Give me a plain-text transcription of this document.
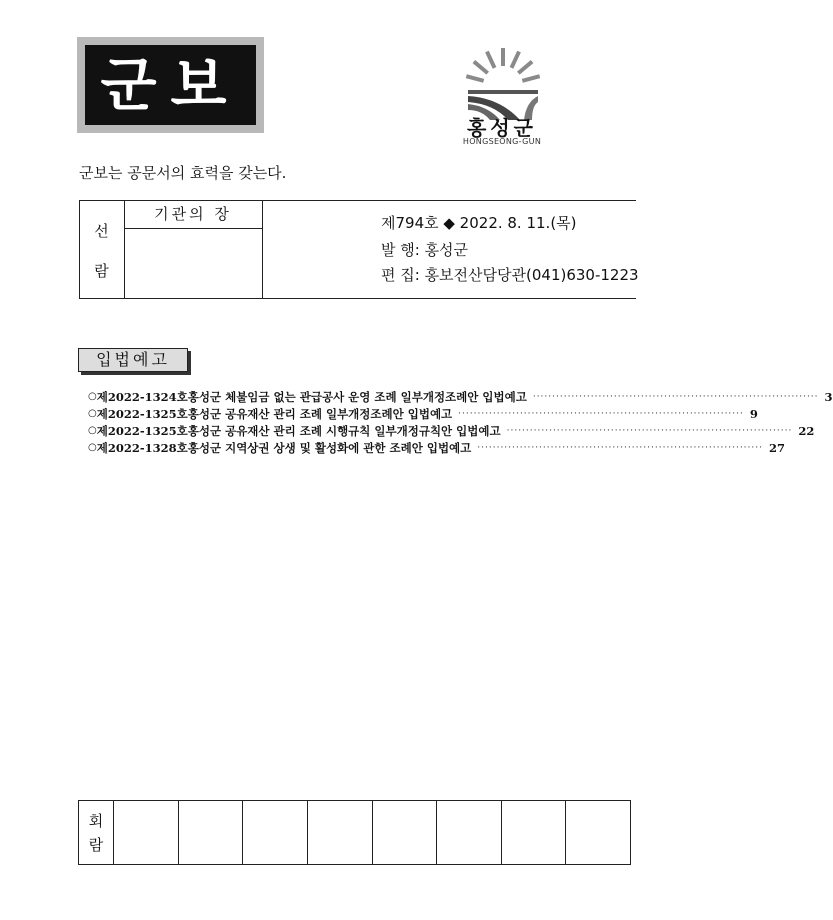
군보
홍성군
HONGSEONG-GUN
군보는 공문서의 효력을 갖는다.
선
람
기관의 장	제794호 ◆ 2022. 8. 11.(목)
발 행: 홍성군
편 집: 홍보전산담당관(041)630-1223
입법예고
○ 제2022-1324호 홍성군 체불임금 없는 관급공사 운영 조례 일부개정조례안 입법예고 ·········································································· 3
○ 제2022-1325호 홍성군 공유재산 관리 조례 일부개정조례안 입법예고 ·········································································· 9
○ 제2022-1325호 홍성군 공유재산 관리 조례 시행규칙 일부개정규칙안 입법예고 ·········································································· 22
○ 제2022-1328호 홍성군 지역상권 상생 및 활성화에 관한 조례안 입법예고 ·········································································· 27
회
람
